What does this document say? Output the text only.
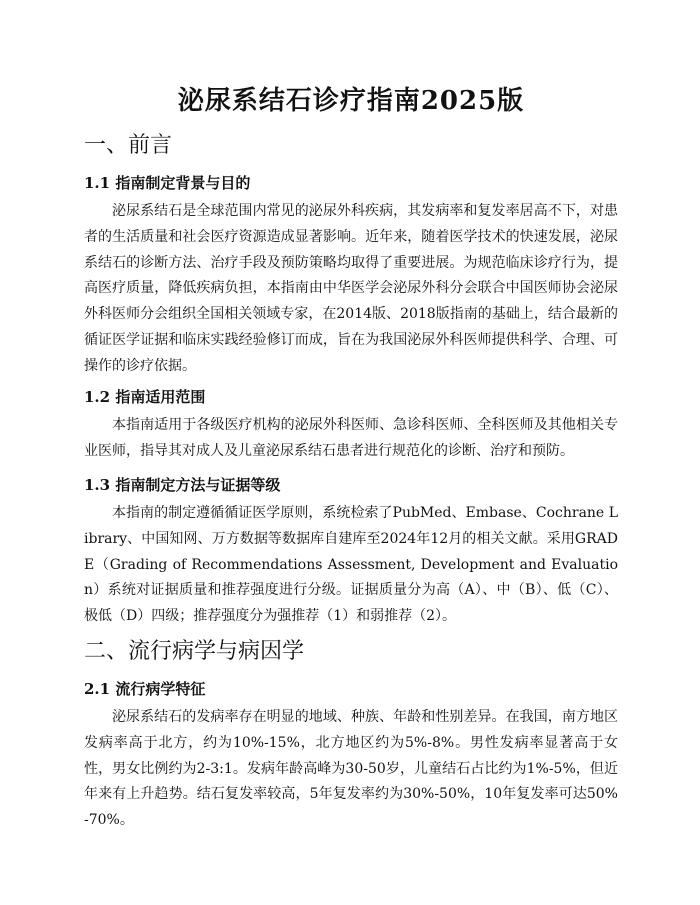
泌尿系结石诊疗指南2025版
一、前言
1.1 指南制定背景与目的

泌尿系结石是全球范围内常见的泌尿外科疾病，其发病率和复发率居高不下，对患者的生活质量和社会医疗资源造成显著影响。近年来，随着医学技术的快速发展，泌尿系结石的诊断方法、治疗手段及预防策略均取得了重要进展。为规范临床诊疗行为，提高医疗质量，降低疾病负担，本指南由中华医学会泌尿外科分会联合中国医师协会泌尿外科医师分会组织全国相关领域专家，在2014版、2018版指南的基础上，结合最新的循证医学证据和临床实践经验修订而成，旨在为我国泌尿外科医师提供科学、合理、可操作的诊疗依据。

1.2 指南适用范围

本指南适用于各级医疗机构的泌尿外科医师、急诊科医师、全科医师及其他相关专业医师，指导其对成人及儿童泌尿系结石患者进行规范化的诊断、治疗和预防。

1.3 指南制定方法与证据等级

本指南的制定遵循循证医学原则，系统检索了PubMed、Embase、Cochrane Library、中国知网、万方数据等数据库自建库至2024年12月的相关文献。采用GRADE（Grading of Recommendations Assessment, Development and Evaluation）系统对证据质量和推荐强度进行分级。证据质量分为高（A）、中（B）、低（C）、极低（D）四级；推荐强度分为强推荐（1）和弱推荐（2）。

二、流行病学与病因学
2.1 流行病学特征

泌尿系结石的发病率存在明显的地域、种族、年龄和性别差异。在我国，南方地区发病率高于北方，约为10%-15%，北方地区约为5%-8%。男性发病率显著高于女性，男女比例约为2-3:1。发病年龄高峰为30-50岁，儿童结石占比约为1%-5%，但近年来有上升趋势。结石复发率较高，5年复发率约为30%-50%，10年复发率可达50%-70%。
